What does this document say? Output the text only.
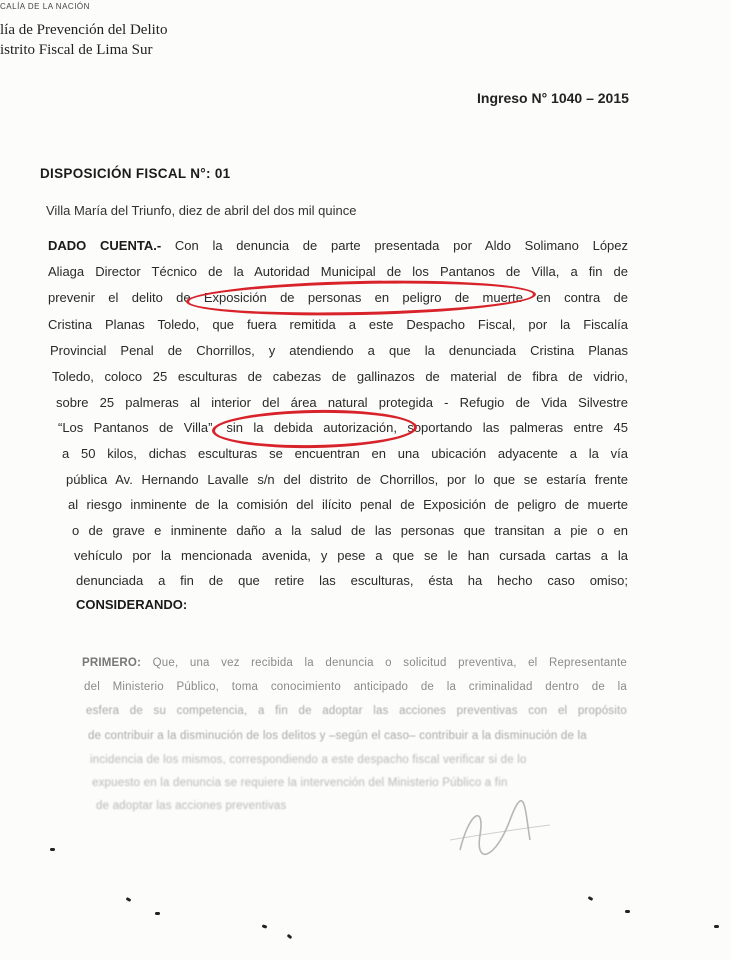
CALÍA DE LA NACIÓN
lía de Prevención del Delito
istrito Fiscal de Lima Sur
Ingreso N° 1040 – 2015
DISPOSICIÓN FISCAL N°: 01
Villa María del Triunfo, diez de abril del dos mil quince
DADO CUENTA.- Con la denuncia de parte presentada por Aldo Solimano López
Aliaga Director Técnico de la Autoridad Municipal de los Pantanos de Villa, a fin de
prevenir el delito de Exposición de personas en peligro de muerte en contra de
Cristina Planas Toledo, que fuera remitida a este Despacho Fiscal, por la Fiscalía
Provincial Penal de Chorrillos, y atendiendo a que la denunciada Cristina Planas
Toledo, coloco 25 esculturas de cabezas de gallinazos de material de fibra de vidrio,
sobre 25 palmeras al interior del área natural protegida - Refugio de Vida Silvestre
“Los Pantanos de Villa”, sin la debida autorización, soportando las palmeras entre 45
a 50 kilos, dichas esculturas se encuentran en una ubicación adyacente a la vía
pública Av. Hernando Lavalle s/n del distrito de Chorrillos, por lo que se estaría frente
al riesgo inminente de la comisión del ilícito penal de Exposición de peligro de muerte
o de grave e inminente daño a la salud de las personas que transitan a pie o en
vehículo por la mencionada avenida, y pese a que se le han cursada cartas a la
denunciada a fin de que retire las esculturas, ésta ha hecho caso omiso;
CONSIDERANDO:
PRIMERO: Que, una vez recibida la denuncia o solicitud preventiva, el Representante
del Ministerio Público, toma conocimiento anticipado de la criminalidad dentro de la
esfera de su competencia, a fin de adoptar las acciones preventivas con el propósito
de contribuir a la disminución de los delitos y –según el caso– contribuir a la disminución de la
incidencia de los mismos, correspondiendo a este despacho fiscal verificar si de lo
expuesto en la denuncia se requiere la intervención del Ministerio Público a fin
de adoptar las acciones preventivas
